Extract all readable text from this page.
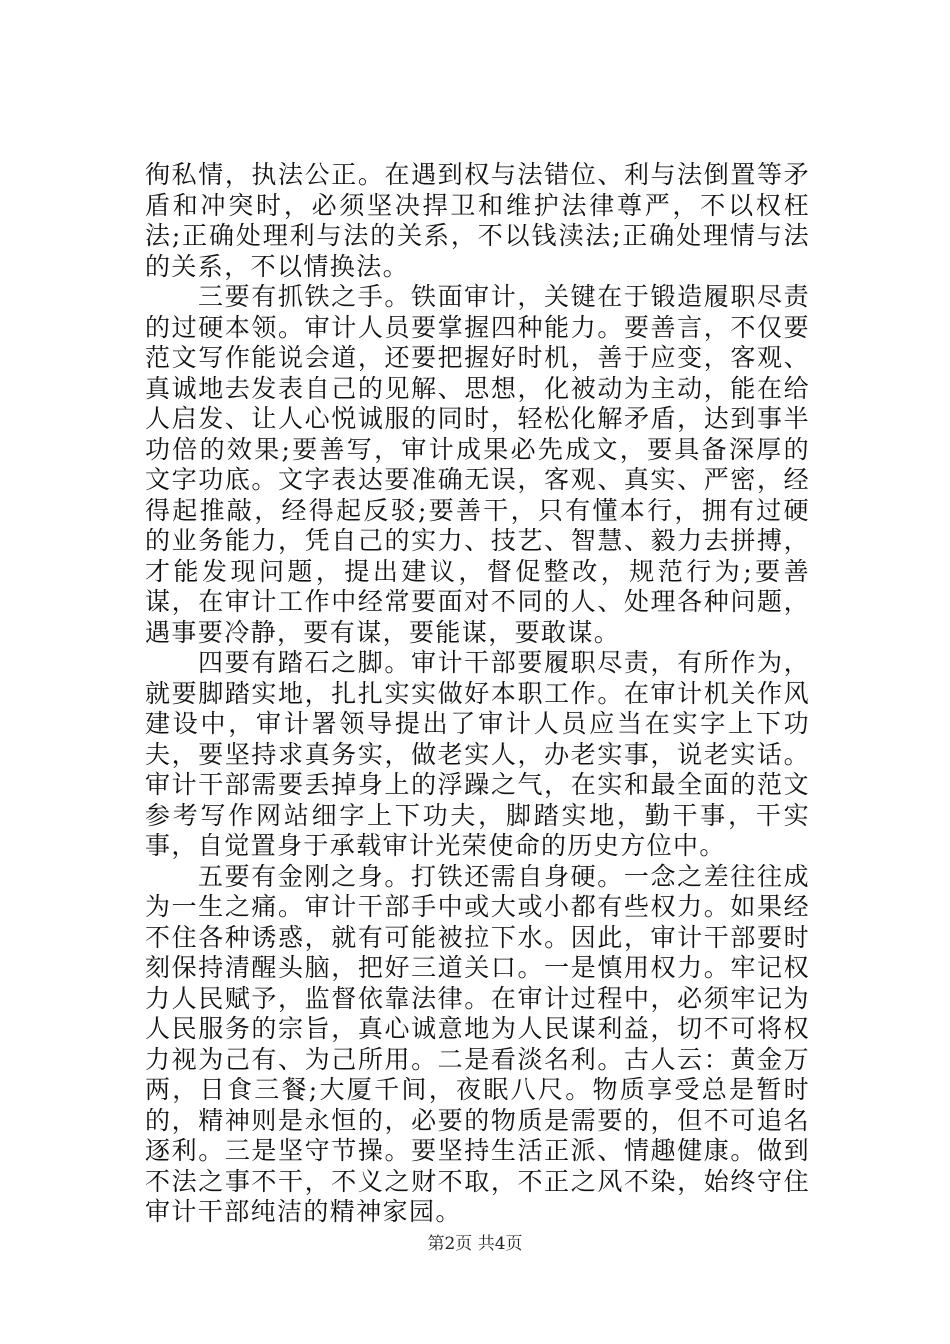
徇私情，执法公正。在遇到权与法错位、利与法倒置等矛盾和冲突时，必须坚决捍卫和维护法律尊严，不以权枉法;正确处理利与法的关系，不以钱渎法;正确处理情与法的关系，不以情换法。

三要有抓铁之手。铁面审计，关键在于锻造履职尽责的过硬本领。审计人员要掌握四种能力。要善言，不仅要范文写作能说会道，还要把握好时机，善于应变，客观、真诚地去发表自己的见解、思想，化被动为主动，能在给人启发、让人心悦诚服的同时，轻松化解矛盾，达到事半功倍的效果;要善写，审计成果必先成文，要具备深厚的文字功底。文字表达要准确无误，客观、真实、严密，经得起推敲，经得起反驳;要善干，只有懂本行，拥有过硬的业务能力，凭自己的实力、技艺、智慧、毅力去拼搏，才能发现问题，提出建议，督促整改，规范行为;要善谋，在审计工作中经常要面对不同的人、处理各种问题，遇事要冷静，要有谋，要能谋，要敢谋。

四要有踏石之脚。审计干部要履职尽责，有所作为，就要脚踏实地，扎扎实实做好本职工作。在审计机关作风建设中，审计署领导提出了审计人员应当在实字上下功夫，要坚持求真务实，做老实人，办老实事，说老实话。审计干部需要丢掉身上的浮躁之气，在实和最全面的范文参考写作网站细字上下功夫，脚踏实地，勤干事，干实事，自觉置身于承载审计光荣使命的历史方位中。

五要有金刚之身。打铁还需自身硬。一念之差往往成为一生之痛。审计干部手中或大或小都有些权力。如果经不住各种诱惑，就有可能被拉下水。因此，审计干部要时刻保持清醒头脑，把好三道关口。一是慎用权力。牢记权力人民赋予，监督依靠法律。在审计过程中，必须牢记为人民服务的宗旨，真心诚意地为人民谋利益，切不可将权力视为己有、为己所用。二是看淡名利。古人云：黄金万两，日食三餐;大厦千间，夜眠八尺。物质享受总是暂时的，精神则是永恒的，必要的物质是需要的，但不可追名逐利。三是坚守节操。要坚持生活正派、情趣健康。做到不法之事不干，不义之财不取，不正之风不染，始终守住审计干部纯洁的精神家园。

第2页 共4页
